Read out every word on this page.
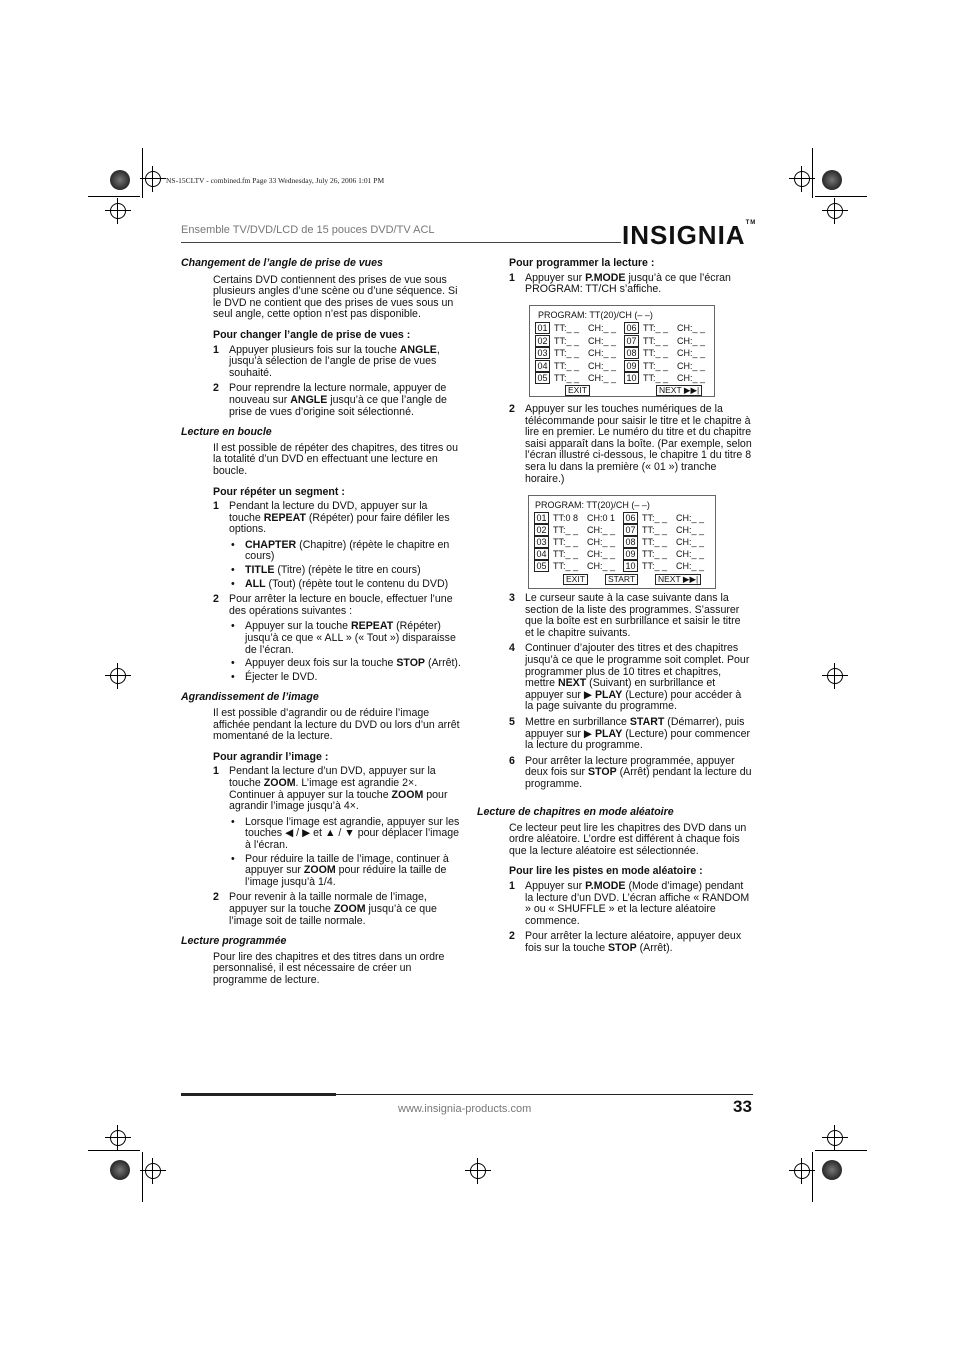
NS-15CLTV - combined.fm Page 33 Wednesday, July 26, 2006 1:01 PM
Ensemble TV/DVD/LCD de 15 pouces DVD/TV ACL	INSIGNIA™
Changement de l’angle de prise de vues

Certains DVD contiennent des prises de vue sous plusieurs angles d’une scène ou d’une séquence. Si le DVD ne contient que des prises de vues sous un seul angle, cette option n’est pas disponible.

Pour changer l’angle de prise de vues :

1 Appuyer plusieurs fois sur la touche ANGLE, jusqu’à sélection de l’angle de prise de vues souhaité.

2 Pour reprendre la lecture normale, appuyer de nouveau sur ANGLE jusqu’à ce que l’angle de prise de vues d’origine soit sélectionné.

Lecture en boucle

Il est possible de répéter des chapitres, des titres ou la totalité d’un DVD en effectuant une lecture en boucle.

Pour répéter un segment :

1 Pendant la lecture du DVD, appuyer sur la touche REPEAT (Répéter) pour faire défiler les options.

• CHAPTER (Chapitre) (répète le chapitre en cours)

• TITLE (Titre) (répète le titre en cours)

• ALL (Tout) (répète tout le contenu du DVD)

2 Pour arrêter la lecture en boucle, effectuer l’une des opérations suivantes :

• Appuyer sur la touche REPEAT (Répéter) jusqu’à ce que « ALL » (« Tout ») disparaisse de l’écran.

• Appuyer deux fois sur la touche STOP (Arrêt).

• Éjecter le DVD.

Agrandissement de l’image

Il est possible d’agrandir ou de réduire l’image affichée pendant la lecture du DVD ou lors d’un arrêt momentané de la lecture.

Pour agrandir l’image :

1 Pendant la lecture d’un DVD, appuyer sur la touche ZOOM. L’image est agrandie 2×. Continuer à appuyer sur la touche ZOOM pour agrandir l’image jusqu’à 4×.

• Lorsque l’image est agrandie, appuyer sur les touches ◀ / ▶ et ▲ / ▼ pour déplacer l’image à l’écran.

• Pour réduire la taille de l’image, continuer à appuyer sur ZOOM pour réduire la taille de l’image jusqu’à 1/4.

2 Pour revenir à la taille normale de l’image, appuyer sur la touche ZOOM jusqu’à ce que l’image soit de taille normale.

Lecture programmée

Pour lire des chapitres et des titres dans un ordre personnalisé, il est nécessaire de créer un programme de lecture.

Pour programmer la lecture :

1 Appuyer sur P.MODE jusqu’à ce que l’écran PROGRAM: TT/CH s’affiche.

PROGRAM: TT(20)/CH (– –)
01 TT:_ _ CH:_ _ 06 TT:_ _ CH:_ _
02 TT:_ _ CH:_ _ 07 TT:_ _ CH:_ _
03 TT:_ _ CH:_ _ 08 TT:_ _ CH:_ _
04 TT:_ _ CH:_ _ 09 TT:_ _ CH:_ _
05 TT:_ _ CH:_ _ 10 TT:_ _ CH:_ _
EXIT	NEXT ▶▶|

2 Appuyer sur les touches numériques de la télécommande pour saisir le titre et le chapitre à lire en premier. Le numéro du titre et du chapitre saisi apparaît dans la boîte. (Par exemple, selon l’écran illustré ci-dessous, le chapitre 1 du titre 8 sera lu dans la première (« 01 ») tranche horaire.)

PROGRAM: TT(20)/CH (– –)
01 TT:0 8 CH:0 1 06 TT:_ _ CH:_ _
02 TT:_ _ CH:_ _ 07 TT:_ _ CH:_ _
03 TT:_ _ CH:_ _ 08 TT:_ _ CH:_ _
04 TT:_ _ CH:_ _ 09 TT:_ _ CH:_ _
05 TT:_ _ CH:_ _ 10 TT:_ _ CH:_ _
EXIT	START	NEXT ▶▶|

3 Le curseur saute à la case suivante dans la section de la liste des programmes. S’assurer que la boîte est en surbrillance et saisir le titre et le chapitre suivants.

4 Continuer d’ajouter des titres et des chapitres jusqu’à ce que le programme soit complet. Pour programmer plus de 10 titres et chapitres, mettre NEXT (Suivant) en surbrillance et appuyer sur ▶ PLAY (Lecture) pour accéder à la page suivante du programme.

5 Mettre en surbrillance START (Démarrer), puis appuyer sur ▶ PLAY (Lecture) pour commencer la lecture du programme.

6 Pour arrêter la lecture programmée, appuyer deux fois sur STOP (Arrêt) pendant la lecture du programme.

Lecture de chapitres en mode aléatoire

Ce lecteur peut lire les chapitres des DVD dans un ordre aléatoire. L’ordre est différent à chaque fois que la lecture aléatoire est sélectionnée.

Pour lire les pistes en mode aléatoire :

1 Appuyer sur P.MODE (Mode d’image) pendant la lecture d’un DVD. L’écran affiche « RANDOM » ou « SHUFFLE » et la lecture aléatoire commence.

2 Pour arrêter la lecture aléatoire, appuyer deux fois sur la touche STOP (Arrêt).

www.insignia-products.com	33
